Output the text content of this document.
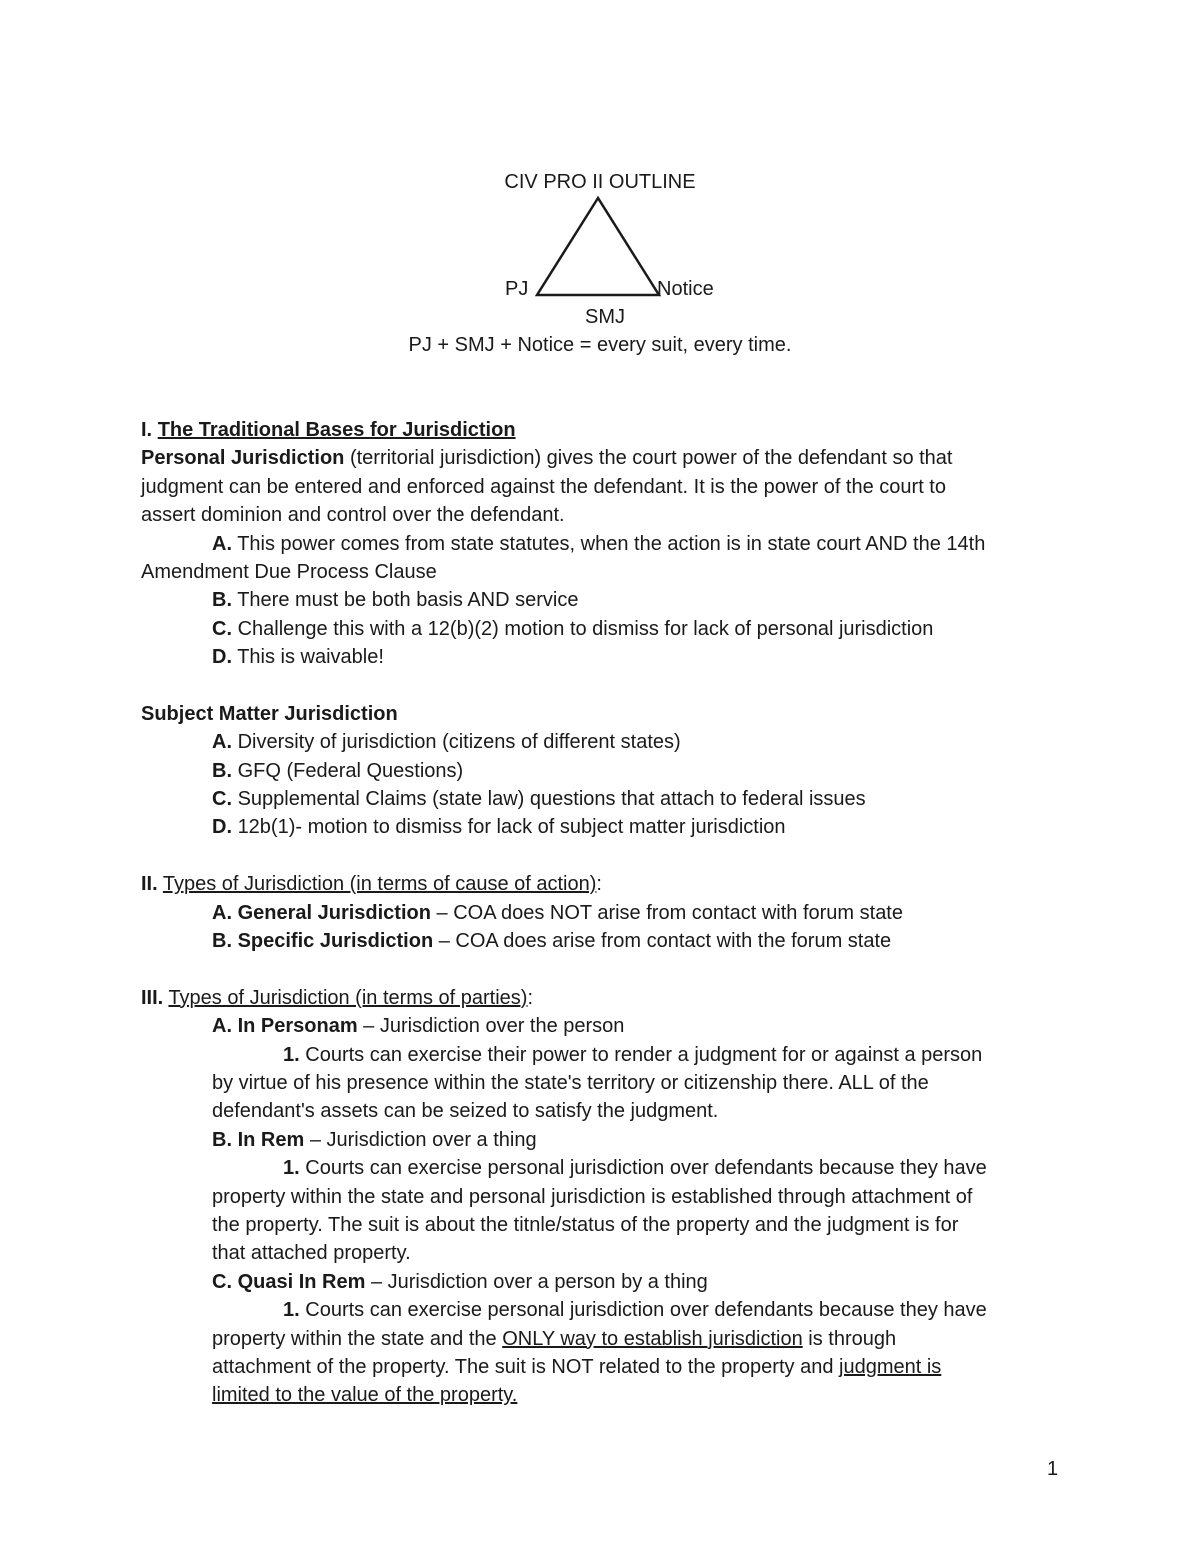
CIV PRO II OUTLINE
PJ	Notice
SMJ
PJ + SMJ + Notice = every suit, every time.
I. The Traditional Bases for Jurisdiction
Personal Jurisdiction (territorial jurisdiction) gives the court power of the defendant so that
judgment can be entered and enforced against the defendant. It is the power of the court to
assert dominion and control over the defendant.
A. This power comes from state statutes, when the action is in state court AND the 14th
Amendment Due Process Clause
B. There must be both basis AND service
C. Challenge this with a 12(b)(2) motion to dismiss for lack of personal jurisdiction
D. This is waivable!
Subject Matter Jurisdiction
A. Diversity of jurisdiction (citizens of different states)
B. GFQ (Federal Questions)
C. Supplemental Claims (state law) questions that attach to federal issues
D. 12b(1)- motion to dismiss for lack of subject matter jurisdiction
II. Types of Jurisdiction (in terms of cause of action):
A. General Jurisdiction – COA does NOT arise from contact with forum state
B. Specific Jurisdiction – COA does arise from contact with the forum state
III. Types of Jurisdiction (in terms of parties):
A. In Personam – Jurisdiction over the person
1. Courts can exercise their power to render a judgment for or against a person
by virtue of his presence within the state's territory or citizenship there. ALL of the
defendant's assets can be seized to satisfy the judgment.
B. In Rem – Jurisdiction over a thing
1. Courts can exercise personal jurisdiction over defendants because they have
property within the state and personal jurisdiction is established through attachment of
the property. The suit is about the titnle/status of the property and the judgment is for
that attached property.
C. Quasi In Rem – Jurisdiction over a person by a thing
1. Courts can exercise personal jurisdiction over defendants because they have
property within the state and the ONLY way to establish jurisdiction is through
attachment of the property. The suit is NOT related to the property and judgment is
limited to the value of the property.
1
